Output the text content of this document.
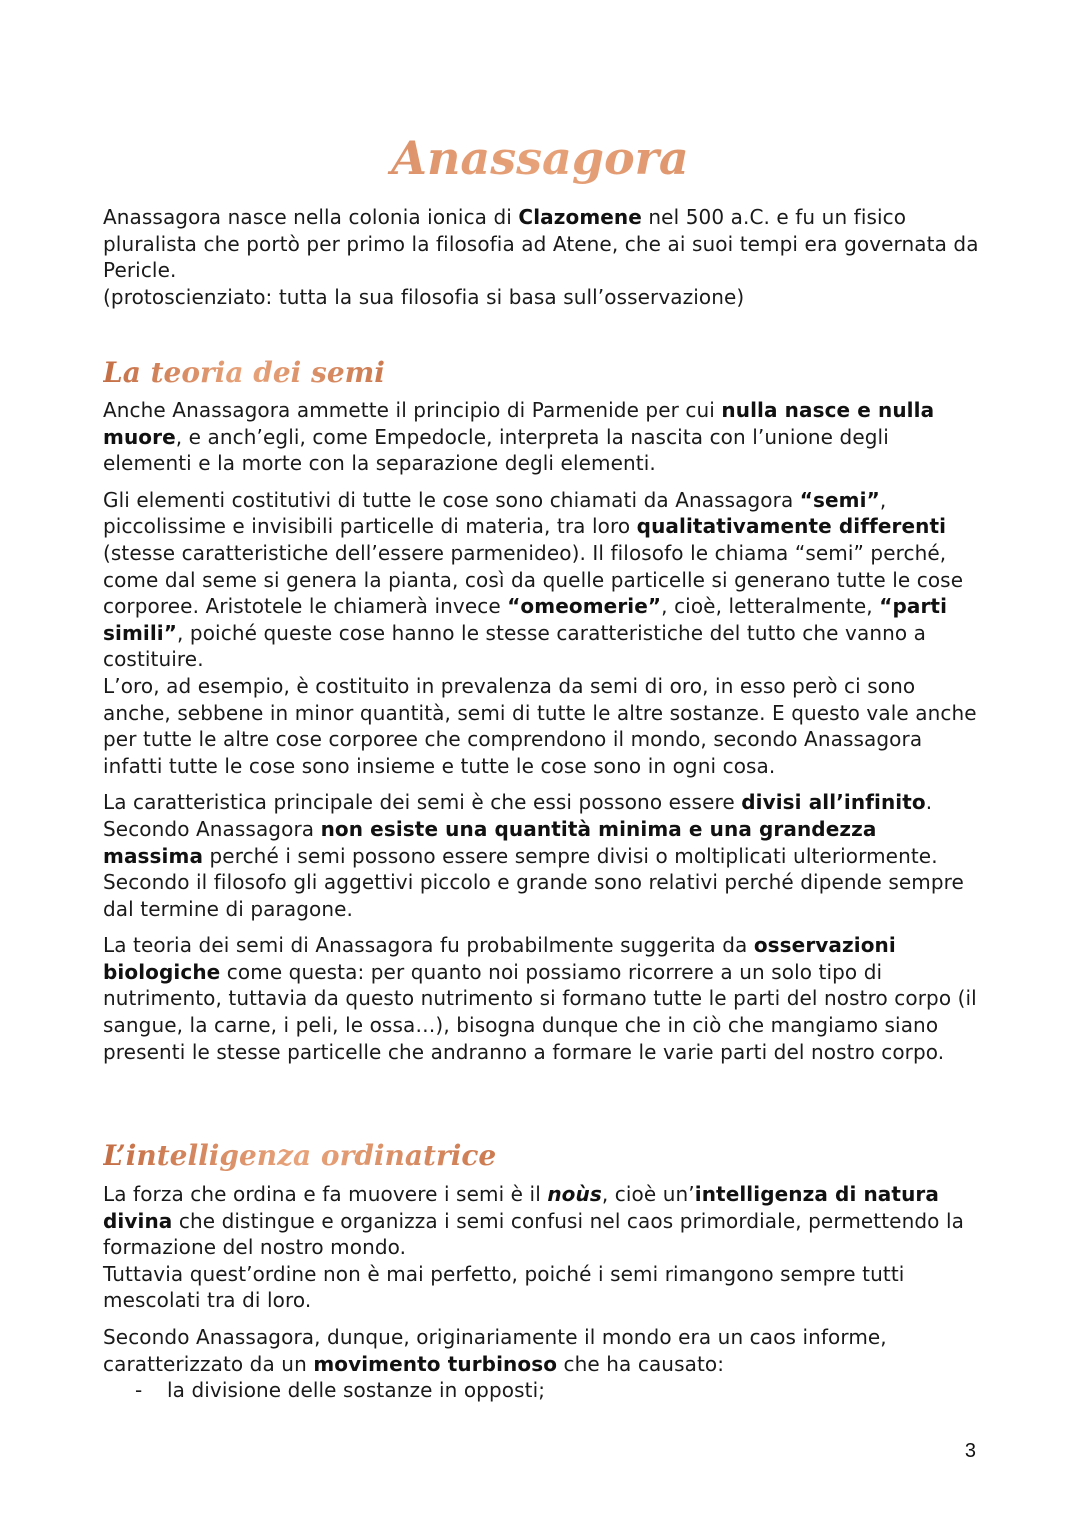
Anassagora

Anassagora nasce nella colonia ionica di Clazomene nel 500 a.C. e fu un fisico pluralista che portò per primo la filosofia ad Atene, che ai suoi tempi era governata da Pericle.

(protoscienziato: tutta la sua filosofia si basa sull’osservazione)

La teoria dei semi

Anche Anassagora ammette il principio di Parmenide per cui nulla nasce e nulla muore, e anch’egli, come Empedocle, interpreta la nascita con l’unione degli elementi e la morte con la separazione degli elementi.

Gli elementi costitutivi di tutte le cose sono chiamati da Anassagora “semi”, piccolissime e invisibili particelle di materia, tra loro qualitativamente differenti (stesse caratteristiche dell’essere parmenideo). Il filosofo le chiama “semi” perché, come dal seme si genera la pianta, così da quelle particelle si generano tutte le cose corporee. Aristotele le chiamerà invece “omeomerie”, cioè, letteralmente, “parti simili”, poiché queste cose hanno le stesse caratteristiche del tutto che vanno a costituire.

L’oro, ad esempio, è costituito in prevalenza da semi di oro, in esso però ci sono anche, sebbene in minor quantità, semi di tutte le altre sostanze. E questo vale anche per tutte le altre cose corporee che comprendono il mondo, secondo Anassagora infatti tutte le cose sono insieme e tutte le cose sono in ogni cosa.

La caratteristica principale dei semi è che essi possono essere divisi all’infinito. Secondo Anassagora non esiste una quantità minima e una grandezza massima perché i semi possono essere sempre divisi o moltiplicati ulteriormente. Secondo il filosofo gli aggettivi piccolo e grande sono relativi perché dipende sempre dal termine di paragone.

La teoria dei semi di Anassagora fu probabilmente suggerita da osservazioni biologiche come questa: per quanto noi possiamo ricorrere a un solo tipo di nutrimento, tuttavia da questo nutrimento si formano tutte le parti del nostro corpo (il sangue, la carne, i peli, le ossa…), bisogna dunque che in ciò che mangiamo siano presenti le stesse particelle che andranno a formare le varie parti del nostro corpo.

L’intelligenza ordinatrice

La forza che ordina e fa muovere i semi è il noùs, cioè un’intelligenza di natura divina che distingue e organizza i semi confusi nel caos primordiale, permettendo la formazione del nostro mondo.

Tuttavia quest’ordine non è mai perfetto, poiché i semi rimangono sempre tutti mescolati tra di loro.

Secondo Anassagora, dunque, originariamente il mondo era un caos informe, caratterizzato da un movimento turbinoso che ha causato:

- la divisione delle sostanze in opposti;
3
